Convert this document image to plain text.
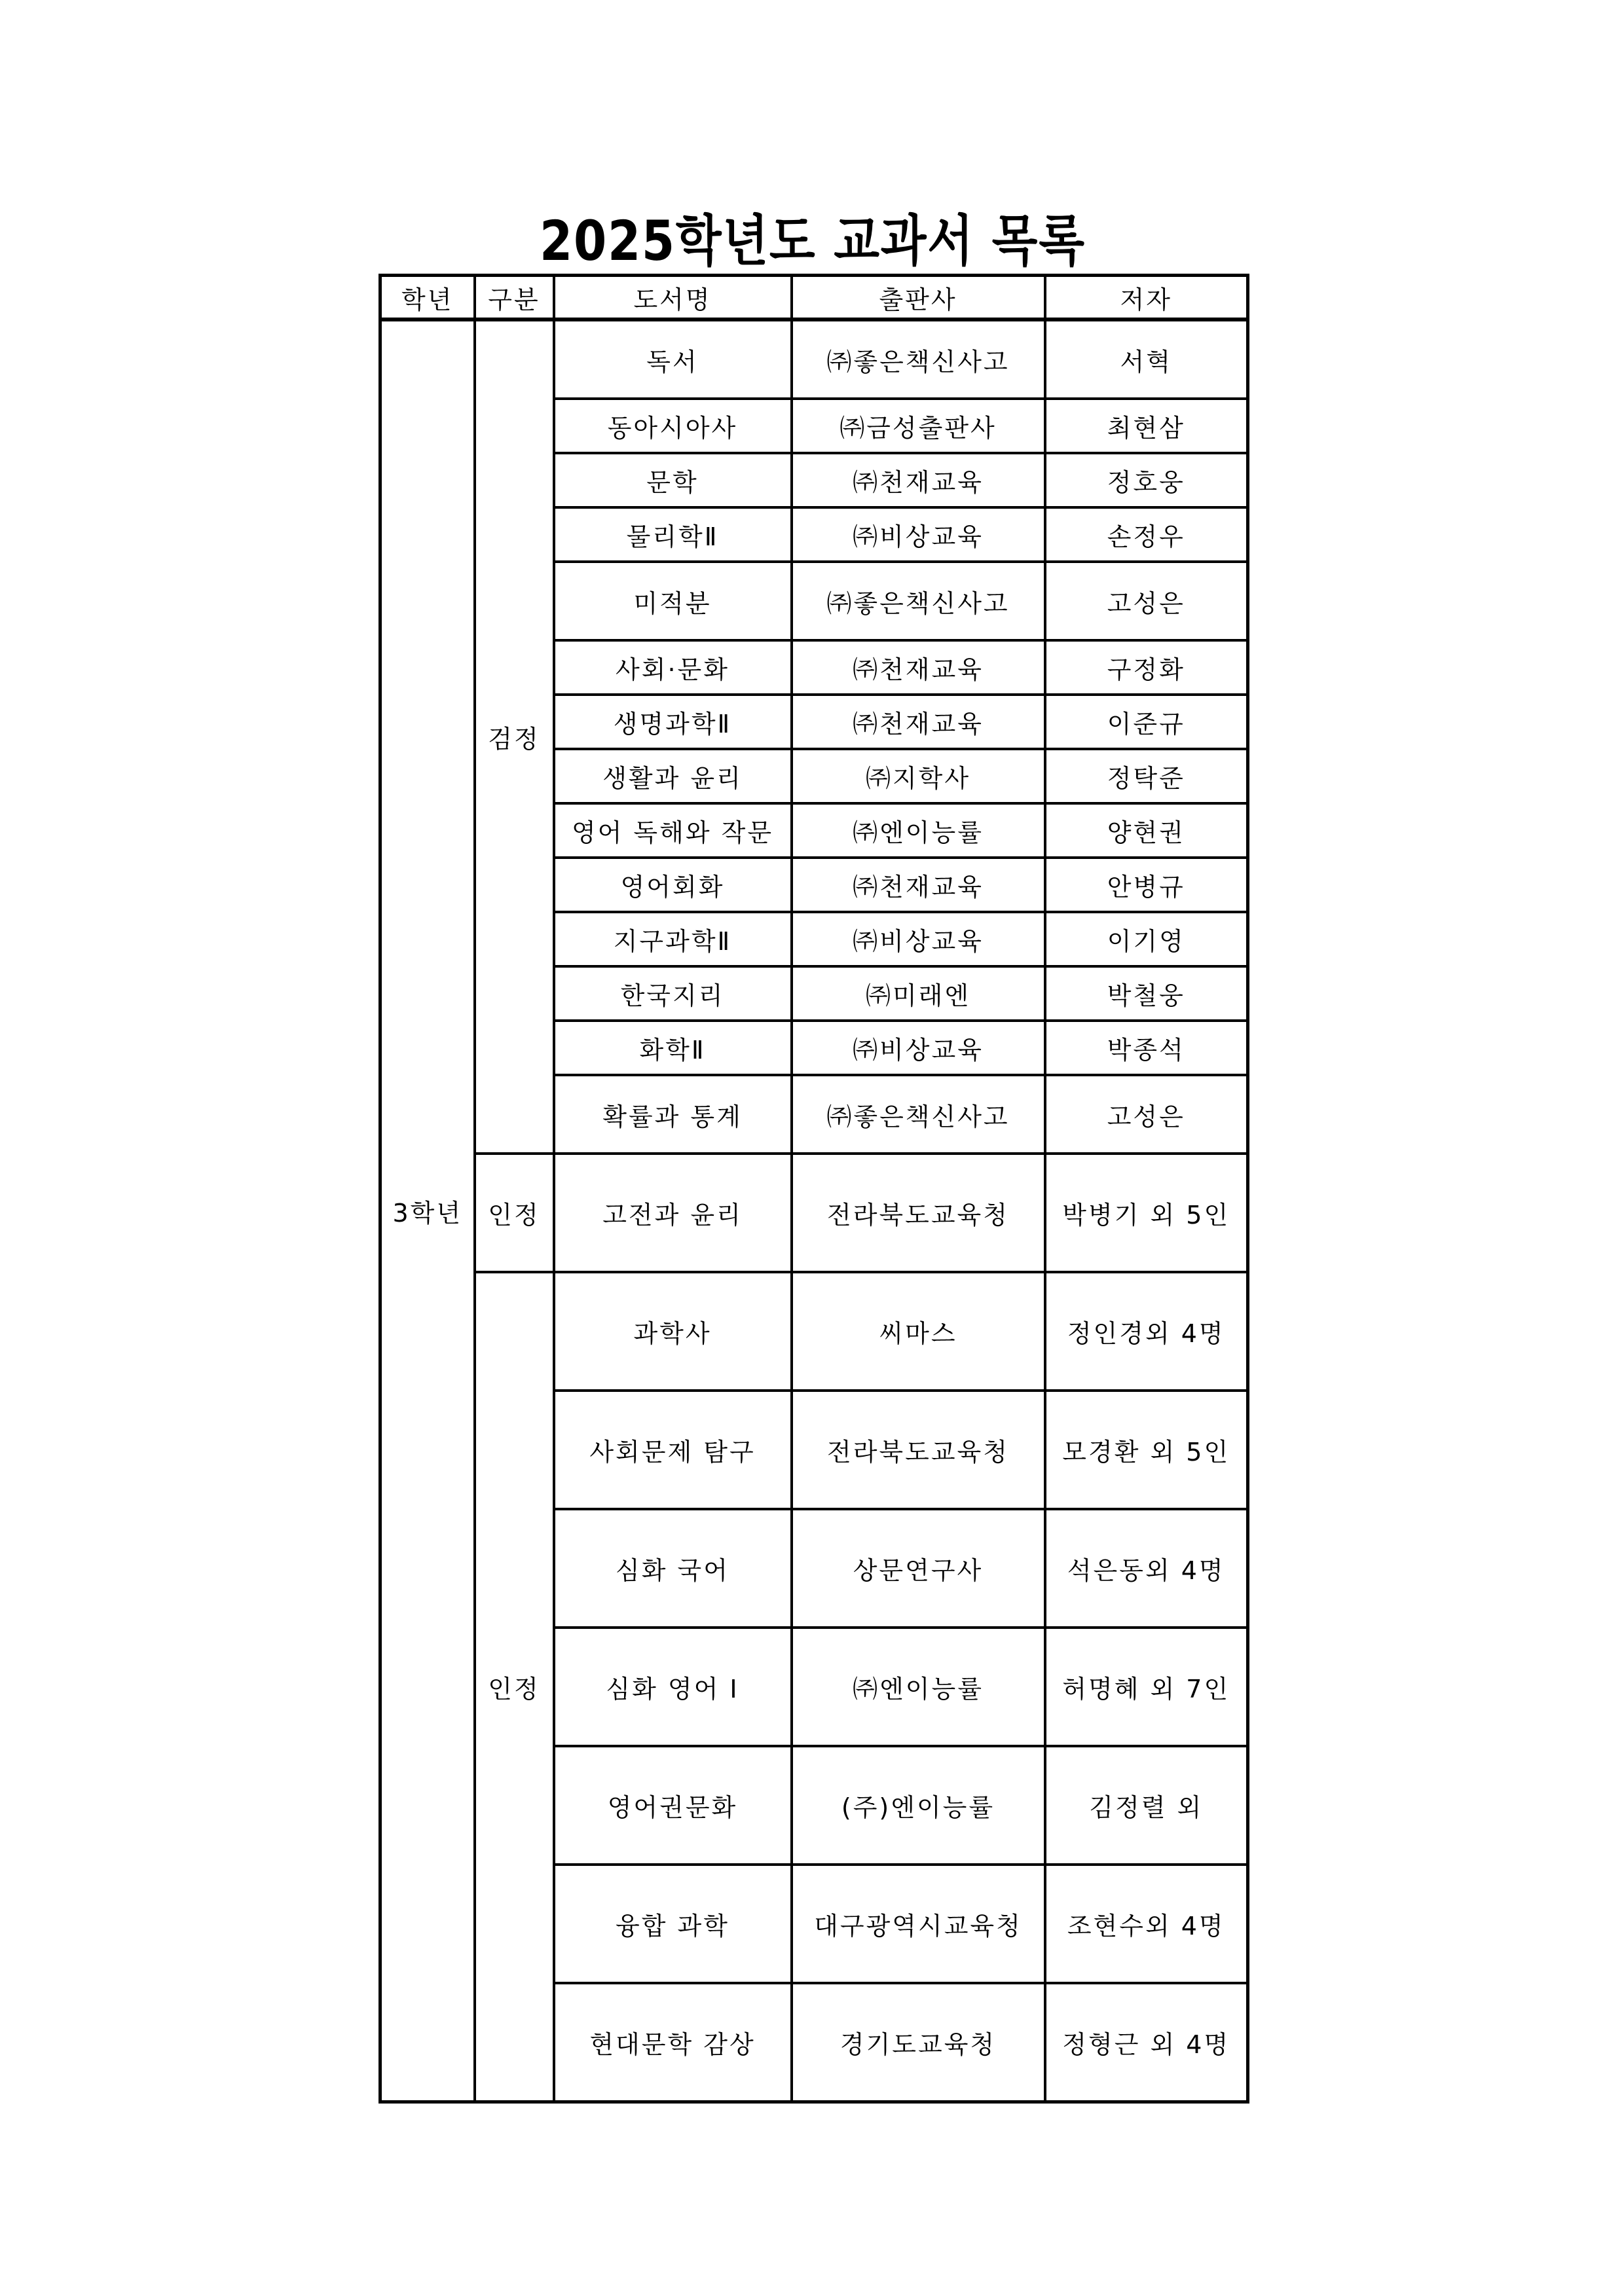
2025학년도 교과서 목록
학년	구분	도서명	출판사	저자
3학년	검정	독서	㈜좋은책신사고	서혁
		동아시아사	㈜금성출판사	최현삼
		문학	㈜천재교육	정호웅
		물리학Ⅱ	㈜비상교육	손정우
		미적분	㈜좋은책신사고	고성은
		사회·문화	㈜천재교육	구정화
		생명과학Ⅱ	㈜천재교육	이준규
		생활과 윤리	㈜지학사	정탁준
		영어 독해와 작문	㈜엔이능률	양현권
		영어회화	㈜천재교육	안병규
		지구과학Ⅱ	㈜비상교육	이기영
		한국지리	㈜미래엔	박철웅
		화학Ⅱ	㈜비상교육	박종석
		확률과 통계	㈜좋은책신사고	고성은
	인정	고전과 윤리	전라북도교육청	박병기 외 5인
	인정	과학사	씨마스	정인경외 4명
		사회문제 탐구	전라북도교육청	모경환 외 5인
		심화 국어	상문연구사	석은동외 4명
		심화 영어 Ⅰ	㈜엔이능률	허명혜 외 7인
		영어권문화	(주)엔이능률	김정렬 외
		융합 과학	대구광역시교육청	조현수외 4명
		현대문학 감상	경기도교육청	정형근 외 4명
